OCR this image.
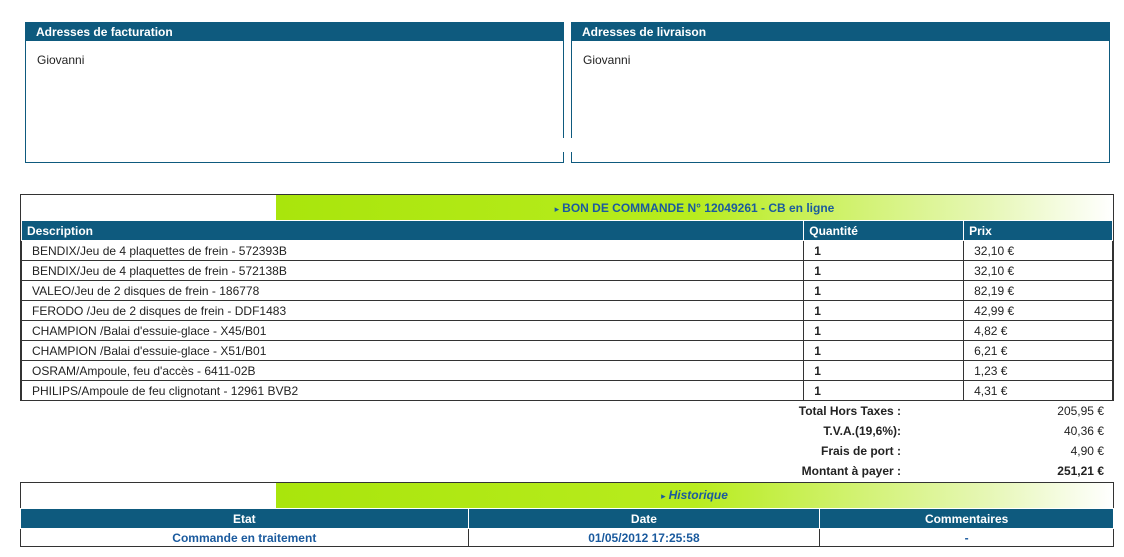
Adresses de facturation
Giovanni
Adresses de livraison
Giovanni
▸ BON DE COMMANDE N° 12049261 - CB en ligne
Description	Quantité	Prix
BENDIX/Jeu de 4 plaquettes de frein - 572393B	1	32,10 €
BENDIX/Jeu de 4 plaquettes de frein - 572138B	1	32,10 €
VALEO/Jeu de 2 disques de frein - 186778	1	82,19 €
FERODO /Jeu de 2 disques de frein - DDF1483	1	42,99 €
CHAMPION /Balai d'essuie-glace - X45/B01	1	4,82 €
CHAMPION /Balai d'essuie-glace - X51/B01	1	6,21 €
OSRAM/Ampoule, feu d'accès - 6411-02B	1	1,23 €
PHILIPS/Ampoule de feu clignotant - 12961 BVB2	1	4,31 €
Total Hors Taxes :	205,95 €
T.V.A.(19,6%):	40,36 €
Frais de port :	4,90 €
Montant à payer :	251,21 €
▸ Historique
Etat	Date	Commentaires
Commande en traitement	01/05/2012 17:25:58	-
